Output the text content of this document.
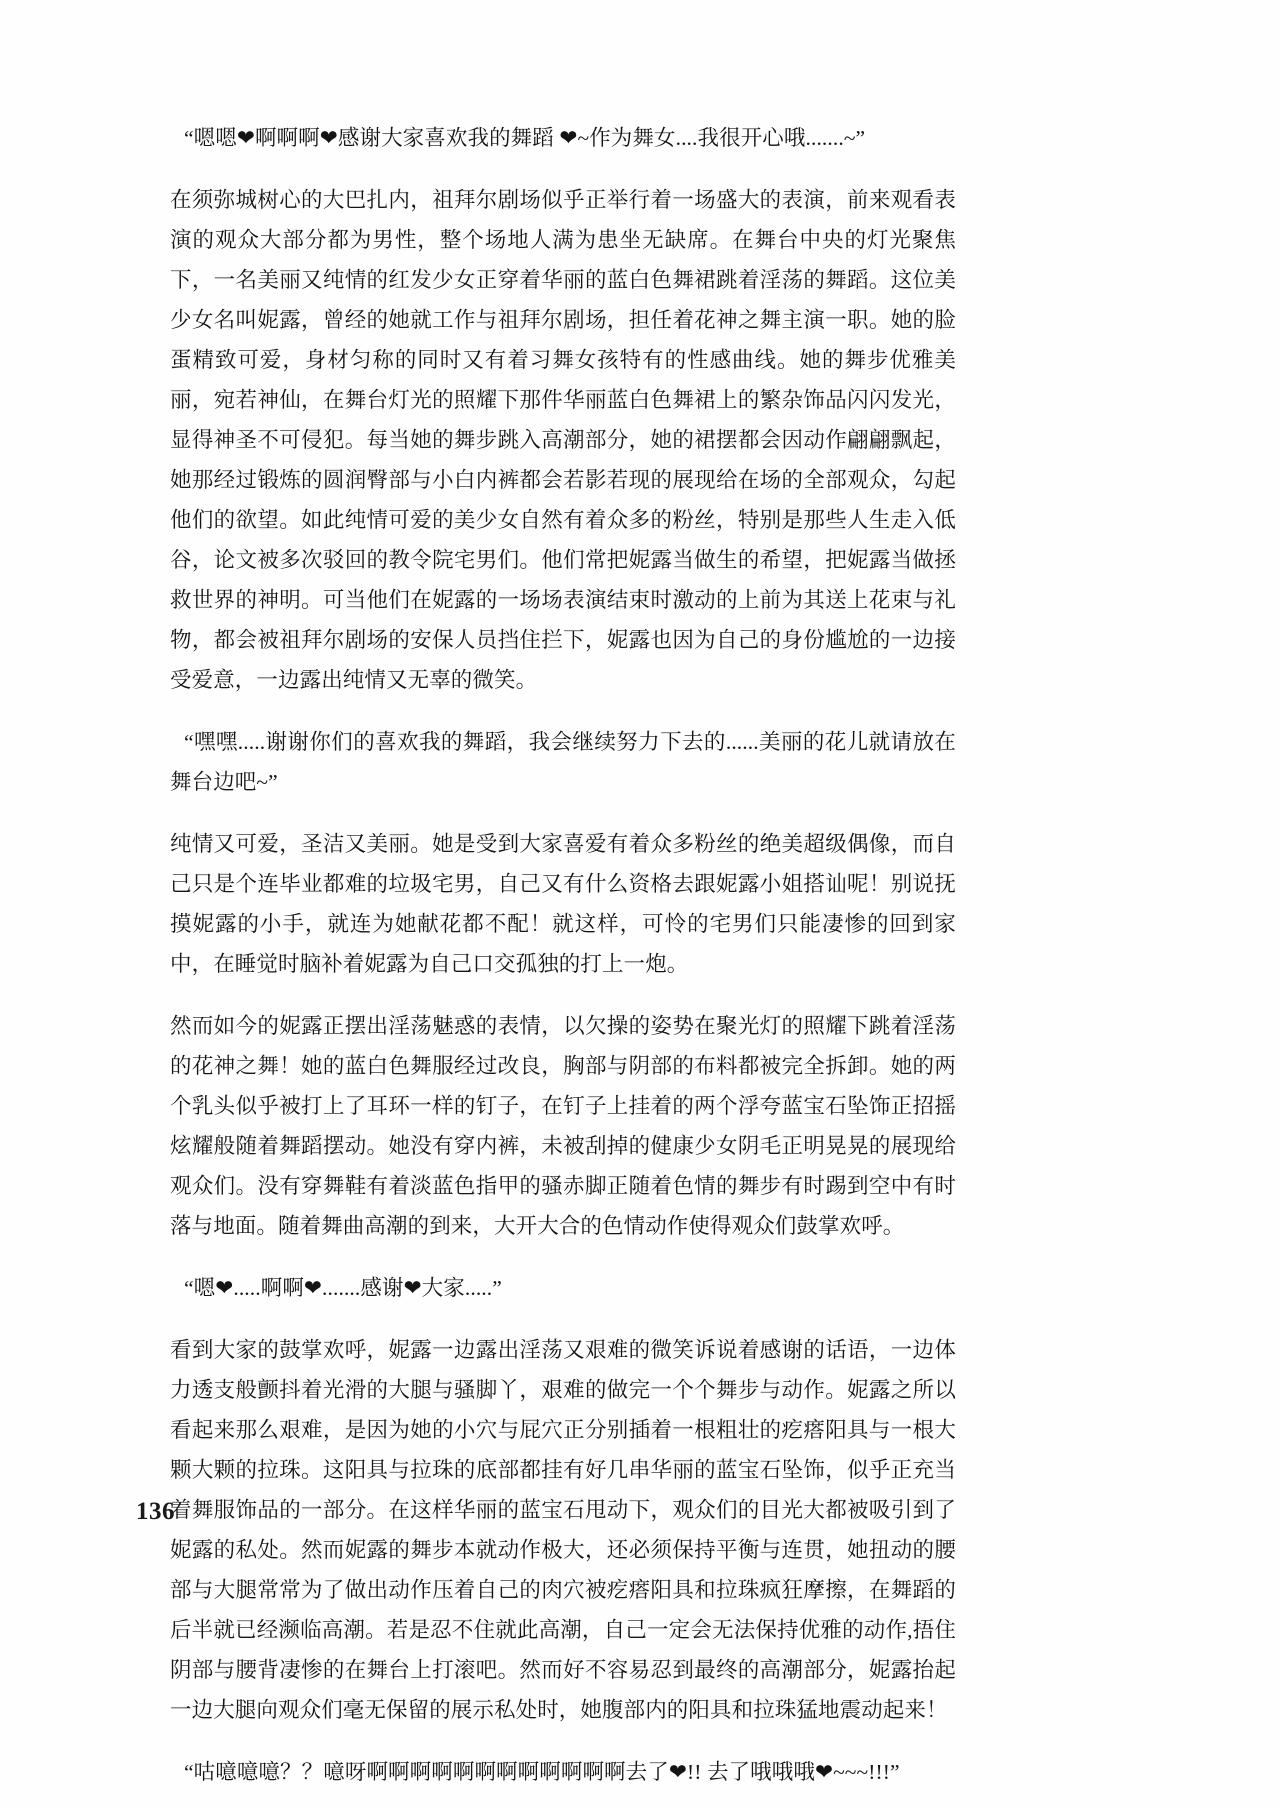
“嗯嗯❤啊啊啊❤感谢大家喜欢我的舞蹈 ❤~作为舞女....我很开心哦.......~”

在须弥城树心的大巴扎内，祖拜尔剧场似乎正举行着一场盛大的表演，前来观看表演的观众大部分都为男性，整个场地人满为患坐无缺席。在舞台中央的灯光聚焦下，一名美丽又纯情的红发少女正穿着华丽的蓝白色舞裙跳着淫荡的舞蹈。这位美少女名叫妮露，曾经的她就工作与祖拜尔剧场，担任着花神之舞主演一职。她的脸蛋精致可爱，身材匀称的同时又有着习舞女孩特有的性感曲线。她的舞步优雅美丽，宛若神仙，在舞台灯光的照耀下那件华丽蓝白色舞裙上的繁杂饰品闪闪发光，显得神圣不可侵犯。每当她的舞步跳入高潮部分，她的裙摆都会因动作翩翩飘起，她那经过锻炼的圆润臀部与小白内裤都会若影若现的展现给在场的全部观众，勾起他们的欲望。如此纯情可爱的美少女自然有着众多的粉丝，特别是那些人生走入低谷，论文被多次驳回的教令院宅男们。他们常把妮露当做生的希望，把妮露当做拯救世界的神明。可当他们在妮露的一场场表演结束时激动的上前为其送上花束与礼物，都会被祖拜尔剧场的安保人员挡住拦下，妮露也因为自己的身份尴尬的一边接受爱意，一边露出纯情又无辜的微笑。

“嘿嘿.....谢谢你们的喜欢我的舞蹈，我会继续努力下去的......美丽的花儿就请放在舞台边吧~”

纯情又可爱，圣洁又美丽。她是受到大家喜爱有着众多粉丝的绝美超级偶像，而自己只是个连毕业都难的垃圾宅男，自己又有什么资格去跟妮露小姐搭讪呢！别说抚摸妮露的小手，就连为她献花都不配！就这样，可怜的宅男们只能凄惨的回到家中，在睡觉时脑补着妮露为自己口交孤独的打上一炮。

然而如今的妮露正摆出淫荡魅惑的表情，以欠操的姿势在聚光灯的照耀下跳着淫荡的花神之舞！她的蓝白色舞服经过改良，胸部与阴部的布料都被完全拆卸。她的两个乳头似乎被打上了耳环一样的钉子，在钉子上挂着的两个浮夸蓝宝石坠饰正招摇炫耀般随着舞蹈摆动。她没有穿内裤，未被刮掉的健康少女阴毛正明晃晃的展现给观众们。没有穿舞鞋有着淡蓝色指甲的骚赤脚正随着色情的舞步有时踢到空中有时落与地面。随着舞曲高潮的到来，大开大合的色情动作使得观众们鼓掌欢呼。

“嗯❤.....啊啊❤.......感谢❤大家.....”

看到大家的鼓掌欢呼，妮露一边露出淫荡又艰难的微笑诉说着感谢的话语，一边体力透支般颤抖着光滑的大腿与骚脚丫，艰难的做完一个个舞步与动作。妮露之所以看起来那么艰难，是因为她的小穴与屁穴正分别插着一根粗壮的疙瘩阳具与一根大颗大颗的拉珠。这阳具与拉珠的底部都挂有好几串华丽的蓝宝石坠饰，似乎正充当着舞服饰品的一部分。在这样华丽的蓝宝石甩动下，观众们的目光大都被吸引到了妮露的私处。然而妮露的舞步本就动作极大，还必须保持平衡与连贯，她扭动的腰部与大腿常常为了做出动作压着自己的肉穴被疙瘩阳具和拉珠疯狂摩擦，在舞蹈的后半就已经濒临高潮。若是忍不住就此高潮，自己一定会无法保持优雅的动作,捂住阴部与腰背凄惨的在舞台上打滚吧。然而好不容易忍到最终的高潮部分，妮露抬起一边大腿向观众们毫无保留的展示私处时，她腹部内的阳具和拉珠猛地震动起来！

“咕噫噫噫？？噫呀啊啊啊啊啊啊啊啊啊啊啊啊去了❤!! 去了哦哦哦❤~~~!!!”

136
